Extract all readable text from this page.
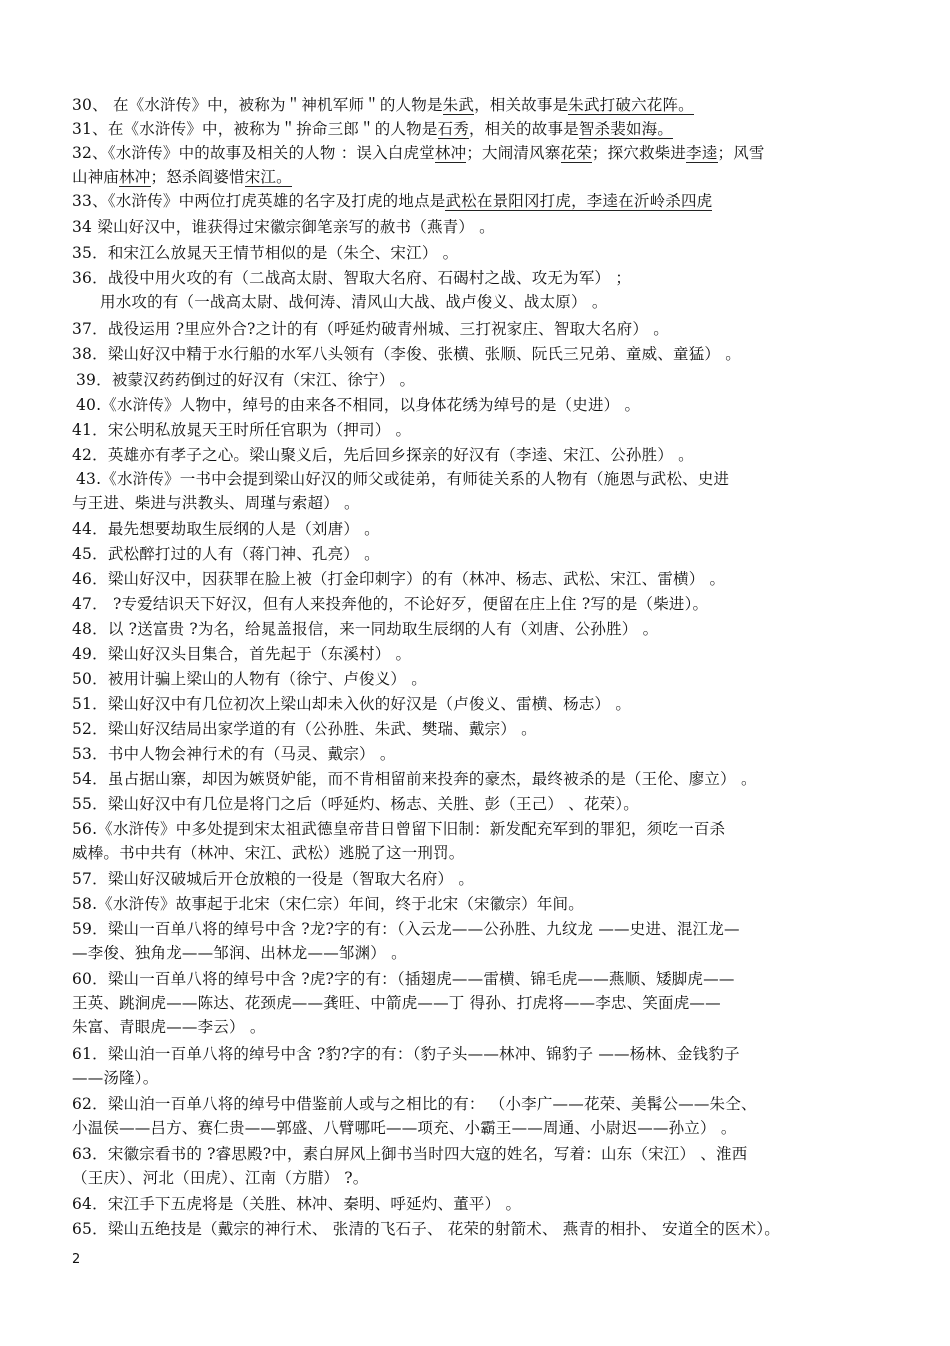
30、 在《水浒传》中，被称为＂神机军师＂的人物是朱武，相关故事是朱武打破六花阵。
31、在《水浒传》中，被称为＂拚命三郎＂的人物是石秀，相关的故事是智杀裴如海。
32、《水浒传》中的故事及相关的人物 ：误入白虎堂林冲；大闹清风寨花荣；探穴救柴进李逵；风雪
山神庙林冲；怒杀阎婆惜宋江。
33、《水浒传》中两位打虎英雄的名字及打虎的地点是武松在景阳冈打虎，李逵在沂岭杀四虎
34 梁山好汉中，谁获得过宋徽宗御笔亲写的赦书（燕青） 。
35．和宋江么放晁天王情节相似的是（朱仝、宋江） 。
36．战役中用火攻的有（二战高太尉、智取大名府、石碣村之战、攻无为军） ；
用水攻的有（一战高太尉、战何涛、清风山大战、战卢俊义、战太原） 。
37．战役运用 ?里应外合?之计的有（呼延灼破青州城、三打祝家庄、智取大名府） 。
38．梁山好汉中精于水行船的水军八头领有（李俊、张横、张顺、阮氏三兄弟、童威、童猛） 。
39．被蒙汉药药倒过的好汉有（宋江、徐宁） 。
40.《水浒传》人物中，绰号的由来各不相同，以身体花绣为绰号的是（史进） 。
41．宋公明私放晁天王时所任官职为（押司） 。
42．英雄亦有孝子之心。梁山聚义后，先后回乡探亲的好汉有（李逵、宋江、公孙胜） 。
43.《水浒传》一书中会提到梁山好汉的师父或徒弟，有师徒关系的人物有（施恩与武松、史进
与王进、柴进与洪教头、周瑾与索超） 。
44．最先想要劫取生辰纲的人是（刘唐） 。
45．武松醉打过的人有（蒋门神、孔亮） 。
46．梁山好汉中，因获罪在脸上被（打金印刺字）的有（林冲、杨志、武松、宋江、雷横） 。
47． ?专爱结识天下好汉，但有人来投奔他的，不论好歹，便留在庄上住 ?写的是（柴进）。
48．以 ?送富贵 ?为名，给晁盖报信，来一同劫取生辰纲的人有（刘唐、公孙胜） 。
49．梁山好汉头目集合，首先起于（东溪村） 。
50．被用计骗上梁山的人物有（徐宁、卢俊义） 。
51．梁山好汉中有几位初次上梁山却未入伙的好汉是（卢俊义、雷横、杨志） 。
52．梁山好汉结局出家学道的有（公孙胜、朱武、樊瑞、戴宗） 。
53．书中人物会神行术的有（马灵、戴宗） 。
54．虽占据山寨，却因为嫉贤妒能，而不肯相留前来投奔的豪杰，最终被杀的是（王伦、廖立） 。
55．梁山好汉中有几位是将门之后（呼延灼、杨志、关胜、彭（王己） 、花荣）。
56.《水浒传》中多处提到宋太祖武德皇帝昔日曾留下旧制：新发配充军到的罪犯，须吃一百杀
威棒。书中共有（林冲、宋江、武松）逃脱了这一刑罚。
57．梁山好汉破城后开仓放粮的一役是（智取大名府） 。
58.《水浒传》故事起于北宋（宋仁宗）年间，终于北宋（宋徽宗）年间。
59．梁山一百单八将的绰号中含 ?龙?字的有：（入云龙——公孙胜、九纹龙 ——史进、混江龙—
—李俊、独角龙——邹润、出林龙——邹渊） 。
60．梁山一百单八将的绰号中含 ?虎?字的有：（插翅虎——雷横、锦毛虎——燕顺、矮脚虎——
王英、跳涧虎——陈达、花颈虎——龚旺、中箭虎——丁 得孙、打虎将——李忠、笑面虎——
朱富、青眼虎——李云） 。
61．梁山泊一百单八将的绰号中含 ?豹?字的有：（豹子头——林冲、锦豹子 ——杨林、金钱豹子
——汤隆）。
62．梁山泊一百单八将的绰号中借鉴前人或与之相比的有： （小李广——花荣、美髯公——朱仝、
小温侯——吕方、赛仁贵——郭盛、八臂哪吒——项充、小霸王——周通、小尉迟——孙立） 。
63．宋徽宗看书的 ?睿思殿?中，素白屏风上御书当时四大寇的姓名，写着：山东（宋江） 、淮西
（王庆）、河北（田虎）、江南（方腊） ?。
64．宋江手下五虎将是（关胜、林冲、秦明、呼延灼、董平） 。
65．梁山五绝技是（戴宗的神行术、 张清的飞石子、 花荣的射箭术、 燕青的相扑、 安道全的医术）。
2
